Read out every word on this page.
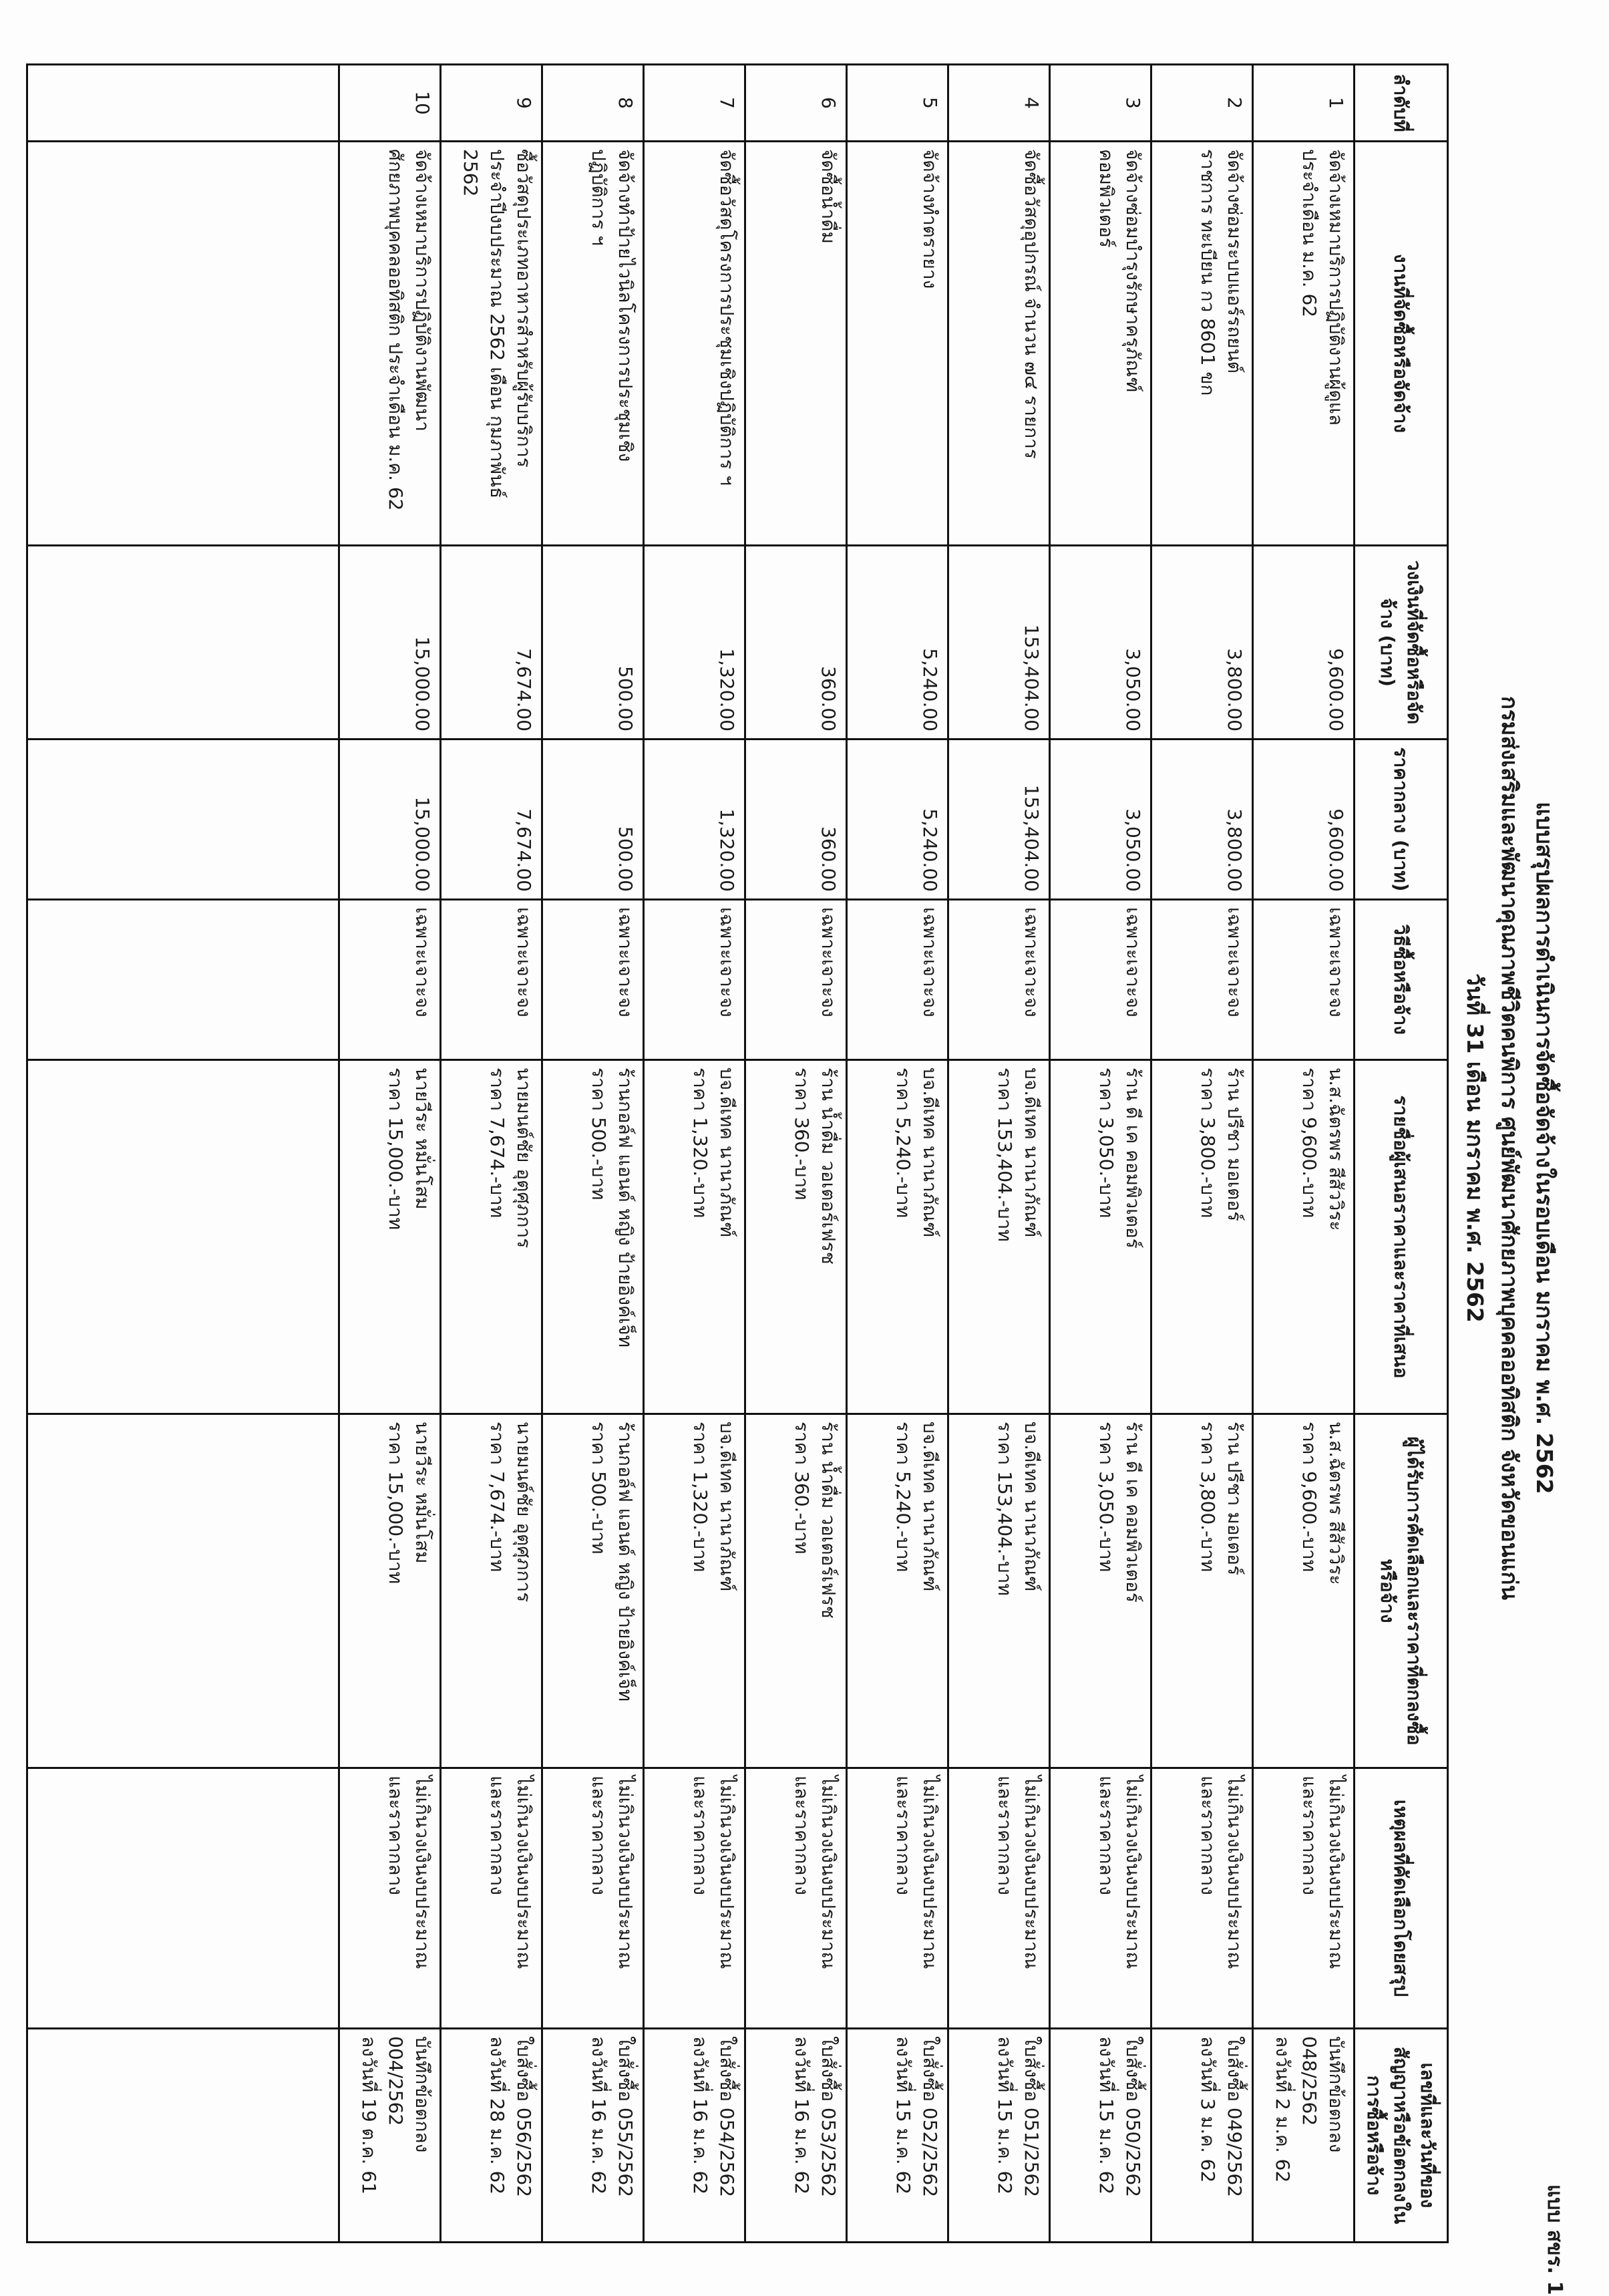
แบบ สขร. 1
แบบสรุปผลการดำเนินการจัดซื้อจัดจ้างในรอบเดือน มกราคม พ.ศ. 2562
กรมส่งเสริมและพัฒนาคุณภาพชีวิตคนพิการ ศูนย์พัฒนาศักยภาพบุคคลออทิสติก จังหวัดขอนแก่น
วันที่ 31 เดือน มกราคม พ.ศ. 2562
ลำดับที่	งานที่จัดซื้อหรือจัดจ้าง	วงเงินที่จัดซื้อหรือจัดจ้าง (บาท)	ราคากลาง (บาท)	วิธีซื้อหรือจ้าง	รายชื่อผู้เสนอราคาและราคาที่เสนอ	ผู้ได้รับการคัดเลือกและราคาที่ตกลงซื้อหรือจ้าง	เหตุผลที่คัดเลือกโดยสรุป	เลขที่และวันที่ของสัญญาหรือข้อตกลงในการซื้อหรือจ้าง

1	จัดจ้างเหมาบริการปฏิบัติงานผู้ดูแล
ประจำเดือน ม.ค. 62	9,600.00	9,600.00	เฉพาะเจาะจง	น.ส.ฉัตรพร สีสัววิระ
ราคา 9,600.-บาท	น.ส.ฉัตรพร สีสัววิระ
ราคา 9,600.-บาท	ไม่เกินวงเงินงบประมาณ
และราคากลาง	บันทึกข้อตกลง 048/2562
ลงวันที่ 2 ม.ค. 62

2	จัดจ้างซ่อมระบบแอร์รถยนต์
ราชการ ทะเบียน กว 8601 ขก	3,800.00	3,800.00	เฉพาะเจาะจง	ร้าน ปรีชา มอเตอร์
ราคา 3,800.-บาท	ร้าน ปรีชา มอเตอร์
ราคา 3,800.-บาท	ไม่เกินวงเงินงบประมาณ
และราคากลาง	ใบสั่งซื้อ 049/2562
ลงวันที่ 3 ม.ค. 62

3	จัดจ้างซ่อมบำรุงรักษาครุภัณฑ์
คอมพิวเตอร์	3,050.00	3,050.00	เฉพาะเจาะจง	ร้าน ดี เค คอมพิวเตอร์
ราคา 3,050.-บาท	ร้าน ดี เค คอมพิวเตอร์
ราคา 3,050.-บาท	ไม่เกินวงเงินงบประมาณ
และราคากลาง	ใบสั่งซื้อ 050/2562
ลงวันที่ 15 ม.ค. 62

4	จัดซื้อวัสดุอุปกรณ์ จำนวน ๗๔ รายการ	153,404.00	153,404.00	เฉพาะเจาะจง	บจ.ดีเทค นานาภัณฑ์
ราคา 153,404.-บาท	บจ.ดีเทค นานาภัณฑ์
ราคา 153,404.-บาท	ไม่เกินวงเงินงบประมาณ
และราคากลาง	ใบสั่งซื้อ 051/2562
ลงวันที่ 15 ม.ค. 62

5	จัดจ้างทำตรายาง	5,240.00	5,240.00	เฉพาะเจาะจง	บจ.ดีเทค นานาภัณฑ์
ราคา 5,240.-บาท	บจ.ดีเทค นานาภัณฑ์
ราคา 5,240.-บาท	ไม่เกินวงเงินงบประมาณ
และราคากลาง	ใบสั่งซื้อ 052/2562
ลงวันที่ 15 ม.ค. 62

6	จัดซื้อน้ำดื่ม	360.00	360.00	เฉพาะเจาะจง	ร้าน น้ำดื่ม วอเตอร์เฟรช
ราคา 360.-บาท	ร้าน น้ำดื่ม วอเตอร์เฟรช
ราคา 360.-บาท	ไม่เกินวงเงินงบประมาณ
และราคากลาง	ใบสั่งซื้อ 053/2562
ลงวันที่ 16 ม.ค. 62

7	จัดซื้อวัสดุโครงการประชุมเชิงปฏิบัติการ ฯ	1,320.00	1,320.00	เฉพาะเจาะจง	บจ.ดีเทค นานาภัณฑ์
ราคา 1,320.-บาท	บจ.ดีเทค นานาภัณฑ์
ราคา 1,320.-บาท	ไม่เกินวงเงินงบประมาณ
และราคากลาง	ใบสั่งซื้อ 054/2562
ลงวันที่ 16 ม.ค. 62

8	จัดจ้างทำป้ายไวนิลโครงการประชุมเชิง
ปฏิบัติการ ฯ	500.00	500.00	เฉพาะเจาะจง	ร้านกอล์ฟ แอนด์ หญิง ป้ายอิงค์เจ็ท
ราคา 500.-บาท	ร้านกอล์ฟ แอนด์ หญิง ป้ายอิงค์เจ็ท
ราคา 500.-บาท	ไม่เกินวงเงินงบประมาณ
และราคากลาง	ใบสั่งซื้อ 055/2562
ลงวันที่ 16 ม.ค. 62

9	ซื้อวัสดุประเภทอาหารสำหรับผู้รับบริการ
ประจำปีงบประมาณ 2562 เดือน กุมภาพันธ์ 2562	7,674.00	7,674.00	เฉพาะเจาะจง	นายมนต์ชัย อุตุศุภการ
ราคา 7,674.-บาท	นายมนต์ชัย อุตุศุภการ
ราคา 7,674.-บาท	ไม่เกินวงเงินงบประมาณ
และราคากลาง	ใบสั่งซื้อ 056/2562
ลงวันที่ 28 ม.ค. 62

10	จัดจ้างเหมาบริการปฏิบัติงานพัฒนา
ศักยภาพบุคคลออทิสติก ประจำเดือน ม.ค. 62	15,000.00	15,000.00	เฉพาะเจาะจง	นายวีระ หมั่นโสม
ราคา 15,000.-บาท	นายวีระ หมั่นโสม
ราคา 15,000.-บาท	ไม่เกินวงเงินงบประมาณ
และราคากลาง	บันทึกข้อตกลง 004/2562
ลงวันที่ 19 ต.ค. 61
